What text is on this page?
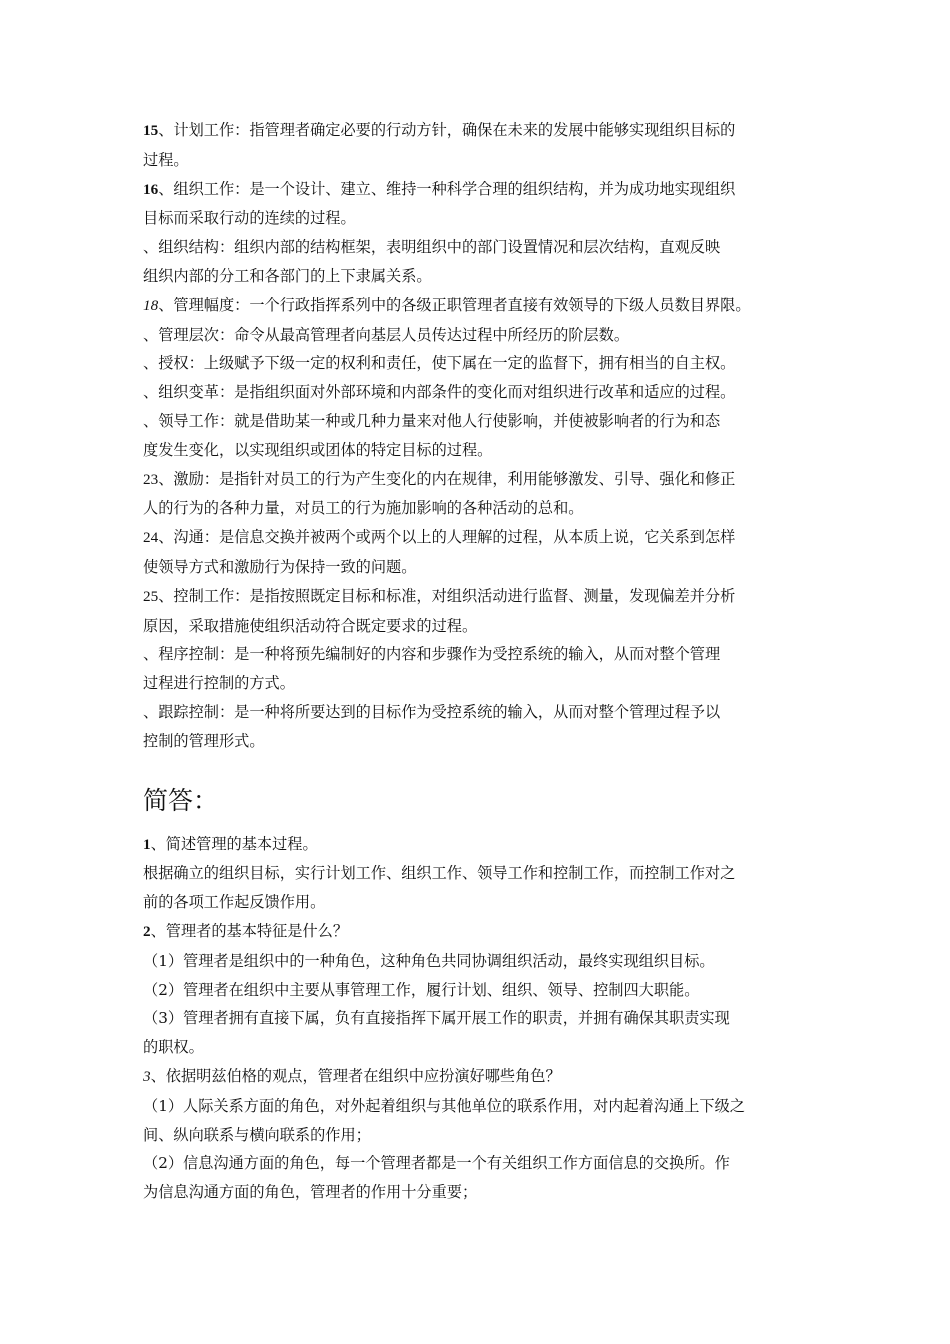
15、计划工作：指管理者确定必要的行动方针，确保在未来的发展中能够实现组织目标的
过程。
16、组织工作：是一个设计、建立、维持一种科学合理的组织结构，并为成功地实现组织
目标而采取行动的连续的过程。
、组织结构：组织内部的结构框架，表明组织中的部门设置情况和层次结构，直观反映
组织内部的分工和各部门的上下隶属关系。
18、管理幅度：一个行政指挥系列中的各级正职管理者直接有效领导的下级人员数目界限。
、管理层次：命令从最高管理者向基层人员传达过程中所经历的阶层数。
、授权：上级赋予下级一定的权利和责任，使下属在一定的监督下，拥有相当的自主权。
、组织变革：是指组织面对外部环境和内部条件的变化而对组织进行改革和适应的过程。
、领导工作：就是借助某一种或几种力量来对他人行使影响，并使被影响者的行为和态
度发生变化，以实现组织或团体的特定目标的过程。
23、激励：是指针对员工的行为产生变化的内在规律，利用能够激发、引导、强化和修正
人的行为的各种力量，对员工的行为施加影响的各种活动的总和。
24、沟通：是信息交换并被两个或两个以上的人理解的过程，从本质上说，它关系到怎样
使领导方式和激励行为保持一致的问题。
25、控制工作：是指按照既定目标和标准，对组织活动进行监督、测量，发现偏差并分析
原因，采取措施使组织活动符合既定要求的过程。
、程序控制：是一种将预先编制好的内容和步骤作为受控系统的输入，从而对整个管理
过程进行控制的方式。
、跟踪控制：是一种将所要达到的目标作为受控系统的输入，从而对整个管理过程予以
控制的管理形式。
简答：
1、简述管理的基本过程。
根据确立的组织目标，实行计划工作、组织工作、领导工作和控制工作，而控制工作对之
前的各项工作起反馈作用。
2、管理者的基本特征是什么？
（1）管理者是组织中的一种角色，这种角色共同协调组织活动，最终实现组织目标。
（2）管理者在组织中主要从事管理工作，履行计划、组织、领导、控制四大职能。
（3）管理者拥有直接下属，负有直接指挥下属开展工作的职责，并拥有确保其职责实现
的职权。
3、依据明兹伯格的观点，管理者在组织中应扮演好哪些角色？
（1）人际关系方面的角色，对外起着组织与其他单位的联系作用，对内起着沟通上下级之
间、纵向联系与横向联系的作用；
（2）信息沟通方面的角色，每一个管理者都是一个有关组织工作方面信息的交换所。作
为信息沟通方面的角色，管理者的作用十分重要；
